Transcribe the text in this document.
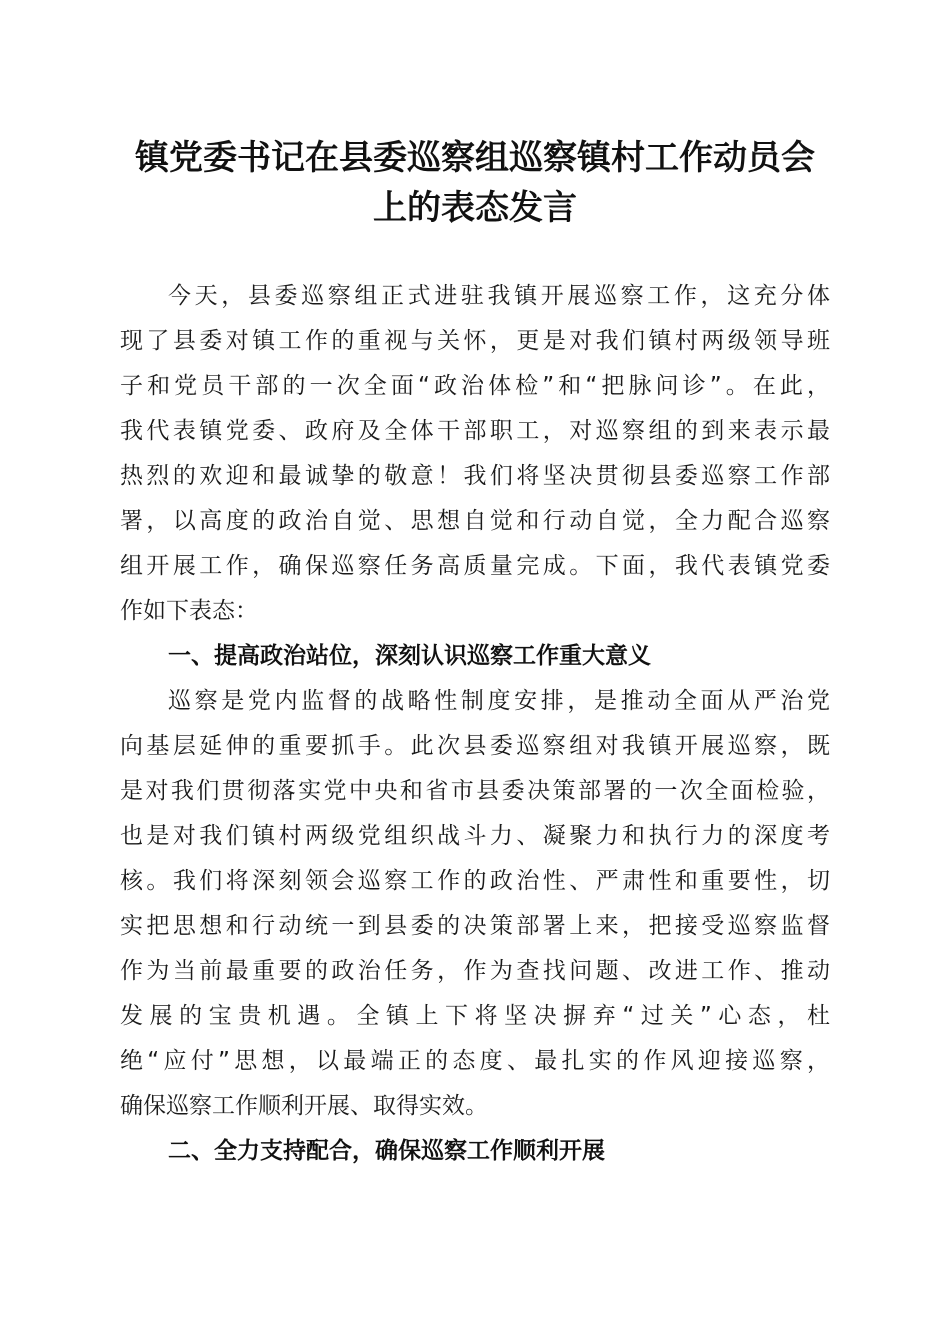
镇党委书记在县委巡察组巡察镇村工作动员会
上的表态发言
今天，县委巡察组正式进驻我镇开展巡察工作，这充分体
现了县委对镇工作的重视与关怀，更是对我们镇村两级领导班
子和党员干部的一次全面“政治体检”和“把脉问诊”。在此，
我代表镇党委、政府及全体干部职工，对巡察组的到来表示最
热烈的欢迎和最诚挚的敬意！我们将坚决贯彻县委巡察工作部
署，以高度的政治自觉、思想自觉和行动自觉，全力配合巡察
组开展工作，确保巡察任务高质量完成。下面，我代表镇党委
作如下表态：
一、提高政治站位，深刻认识巡察工作重大意义
巡察是党内监督的战略性制度安排，是推动全面从严治党
向基层延伸的重要抓手。此次县委巡察组对我镇开展巡察，既
是对我们贯彻落实党中央和省市县委决策部署的一次全面检验，
也是对我们镇村两级党组织战斗力、凝聚力和执行力的深度考
核。我们将深刻领会巡察工作的政治性、严肃性和重要性，切
实把思想和行动统一到县委的决策部署上来，把接受巡察监督
作为当前最重要的政治任务，作为查找问题、改进工作、推动
发展的宝贵机遇。全镇上下将坚决摒弃“过关”心态，杜
绝“应付”思想，以最端正的态度、最扎实的作风迎接巡察，
确保巡察工作顺利开展、取得实效。
二、全力支持配合，确保巡察工作顺利开展
